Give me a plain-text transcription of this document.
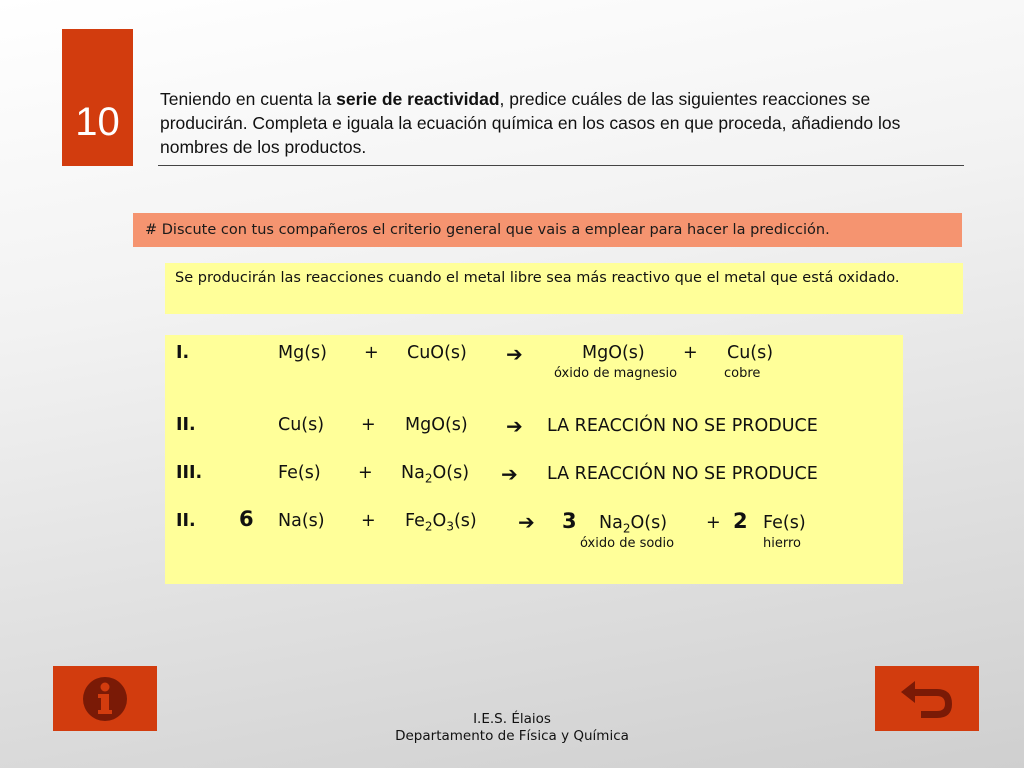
10
Teniendo en cuenta la serie de reactividad, predice cuáles de las siguientes reacciones se producirán. Completa e iguala la ecuación química en los casos en que proceda, añadiendo los nombres de los productos.
# Discute con tus compañeros el criterio general que vais a emplear para hacer la predicción.
Se producirán las reacciones cuando el metal libre sea más reactivo que el metal que está oxidado.
I.	Mg(s) + CuO(s) ➔	MgO(s) + Cu(s)
óxido de magnesio	cobre
II.	Cu(s) + MgO(s) ➔ LA REACCIÓN NO SE PRODUCE
III.	$Fe(s) + Na_2O(s)$ ➔ LA REACCIÓN NO SE PRODUCE
II. 6 $Na(s) + Fe_2O_3(s)$ ➔ 3 $Na_2O(s) + 2$ Fe(s)
óxido de sodio	hierro
I.E.S. Élaios
Departamento de Física y Química
